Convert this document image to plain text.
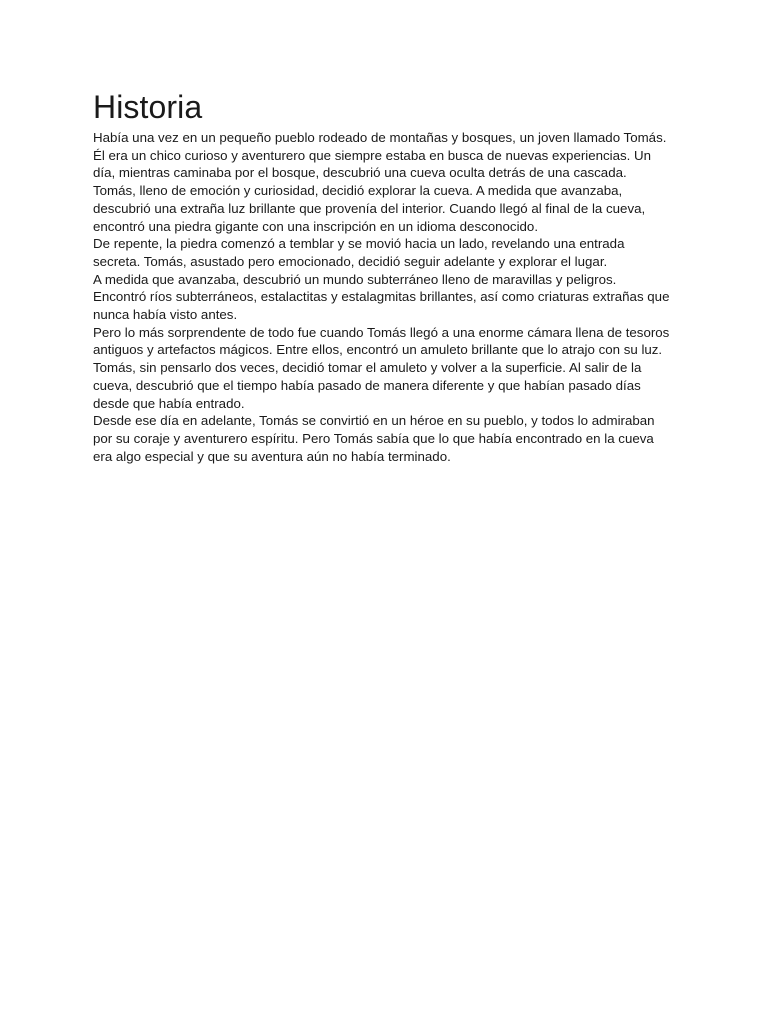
Historia

Había una vez en un pequeño pueblo rodeado de montañas y bosques, un joven llamado Tomás. Él era un chico curioso y aventurero que siempre estaba en busca de nuevas experiencias. Un día, mientras caminaba por el bosque, descubrió una cueva oculta detrás de una cascada.

Tomás, lleno de emoción y curiosidad, decidió explorar la cueva. A medida que avanzaba, descubrió una extraña luz brillante que provenía del interior. Cuando llegó al final de la cueva, encontró una piedra gigante con una inscripción en un idioma desconocido.

De repente, la piedra comenzó a temblar y se movió hacia un lado, revelando una entrada secreta. Tomás, asustado pero emocionado, decidió seguir adelante y explorar el lugar.

A medida que avanzaba, descubrió un mundo subterráneo lleno de maravillas y peligros. Encontró ríos subterráneos, estalactitas y estalagmitas brillantes, así como criaturas extrañas que nunca había visto antes.

Pero lo más sorprendente de todo fue cuando Tomás llegó a una enorme cámara llena de tesoros antiguos y artefactos mágicos. Entre ellos, encontró un amuleto brillante que lo atrajo con su luz.

Tomás, sin pensarlo dos veces, decidió tomar el amuleto y volver a la superficie. Al salir de la cueva, descubrió que el tiempo había pasado de manera diferente y que habían pasado días desde que había entrado.

Desde ese día en adelante, Tomás se convirtió en un héroe en su pueblo, y todos lo admiraban por su coraje y aventurero espíritu. Pero Tomás sabía que lo que había encontrado en la cueva era algo especial y que su aventura aún no había terminado.
